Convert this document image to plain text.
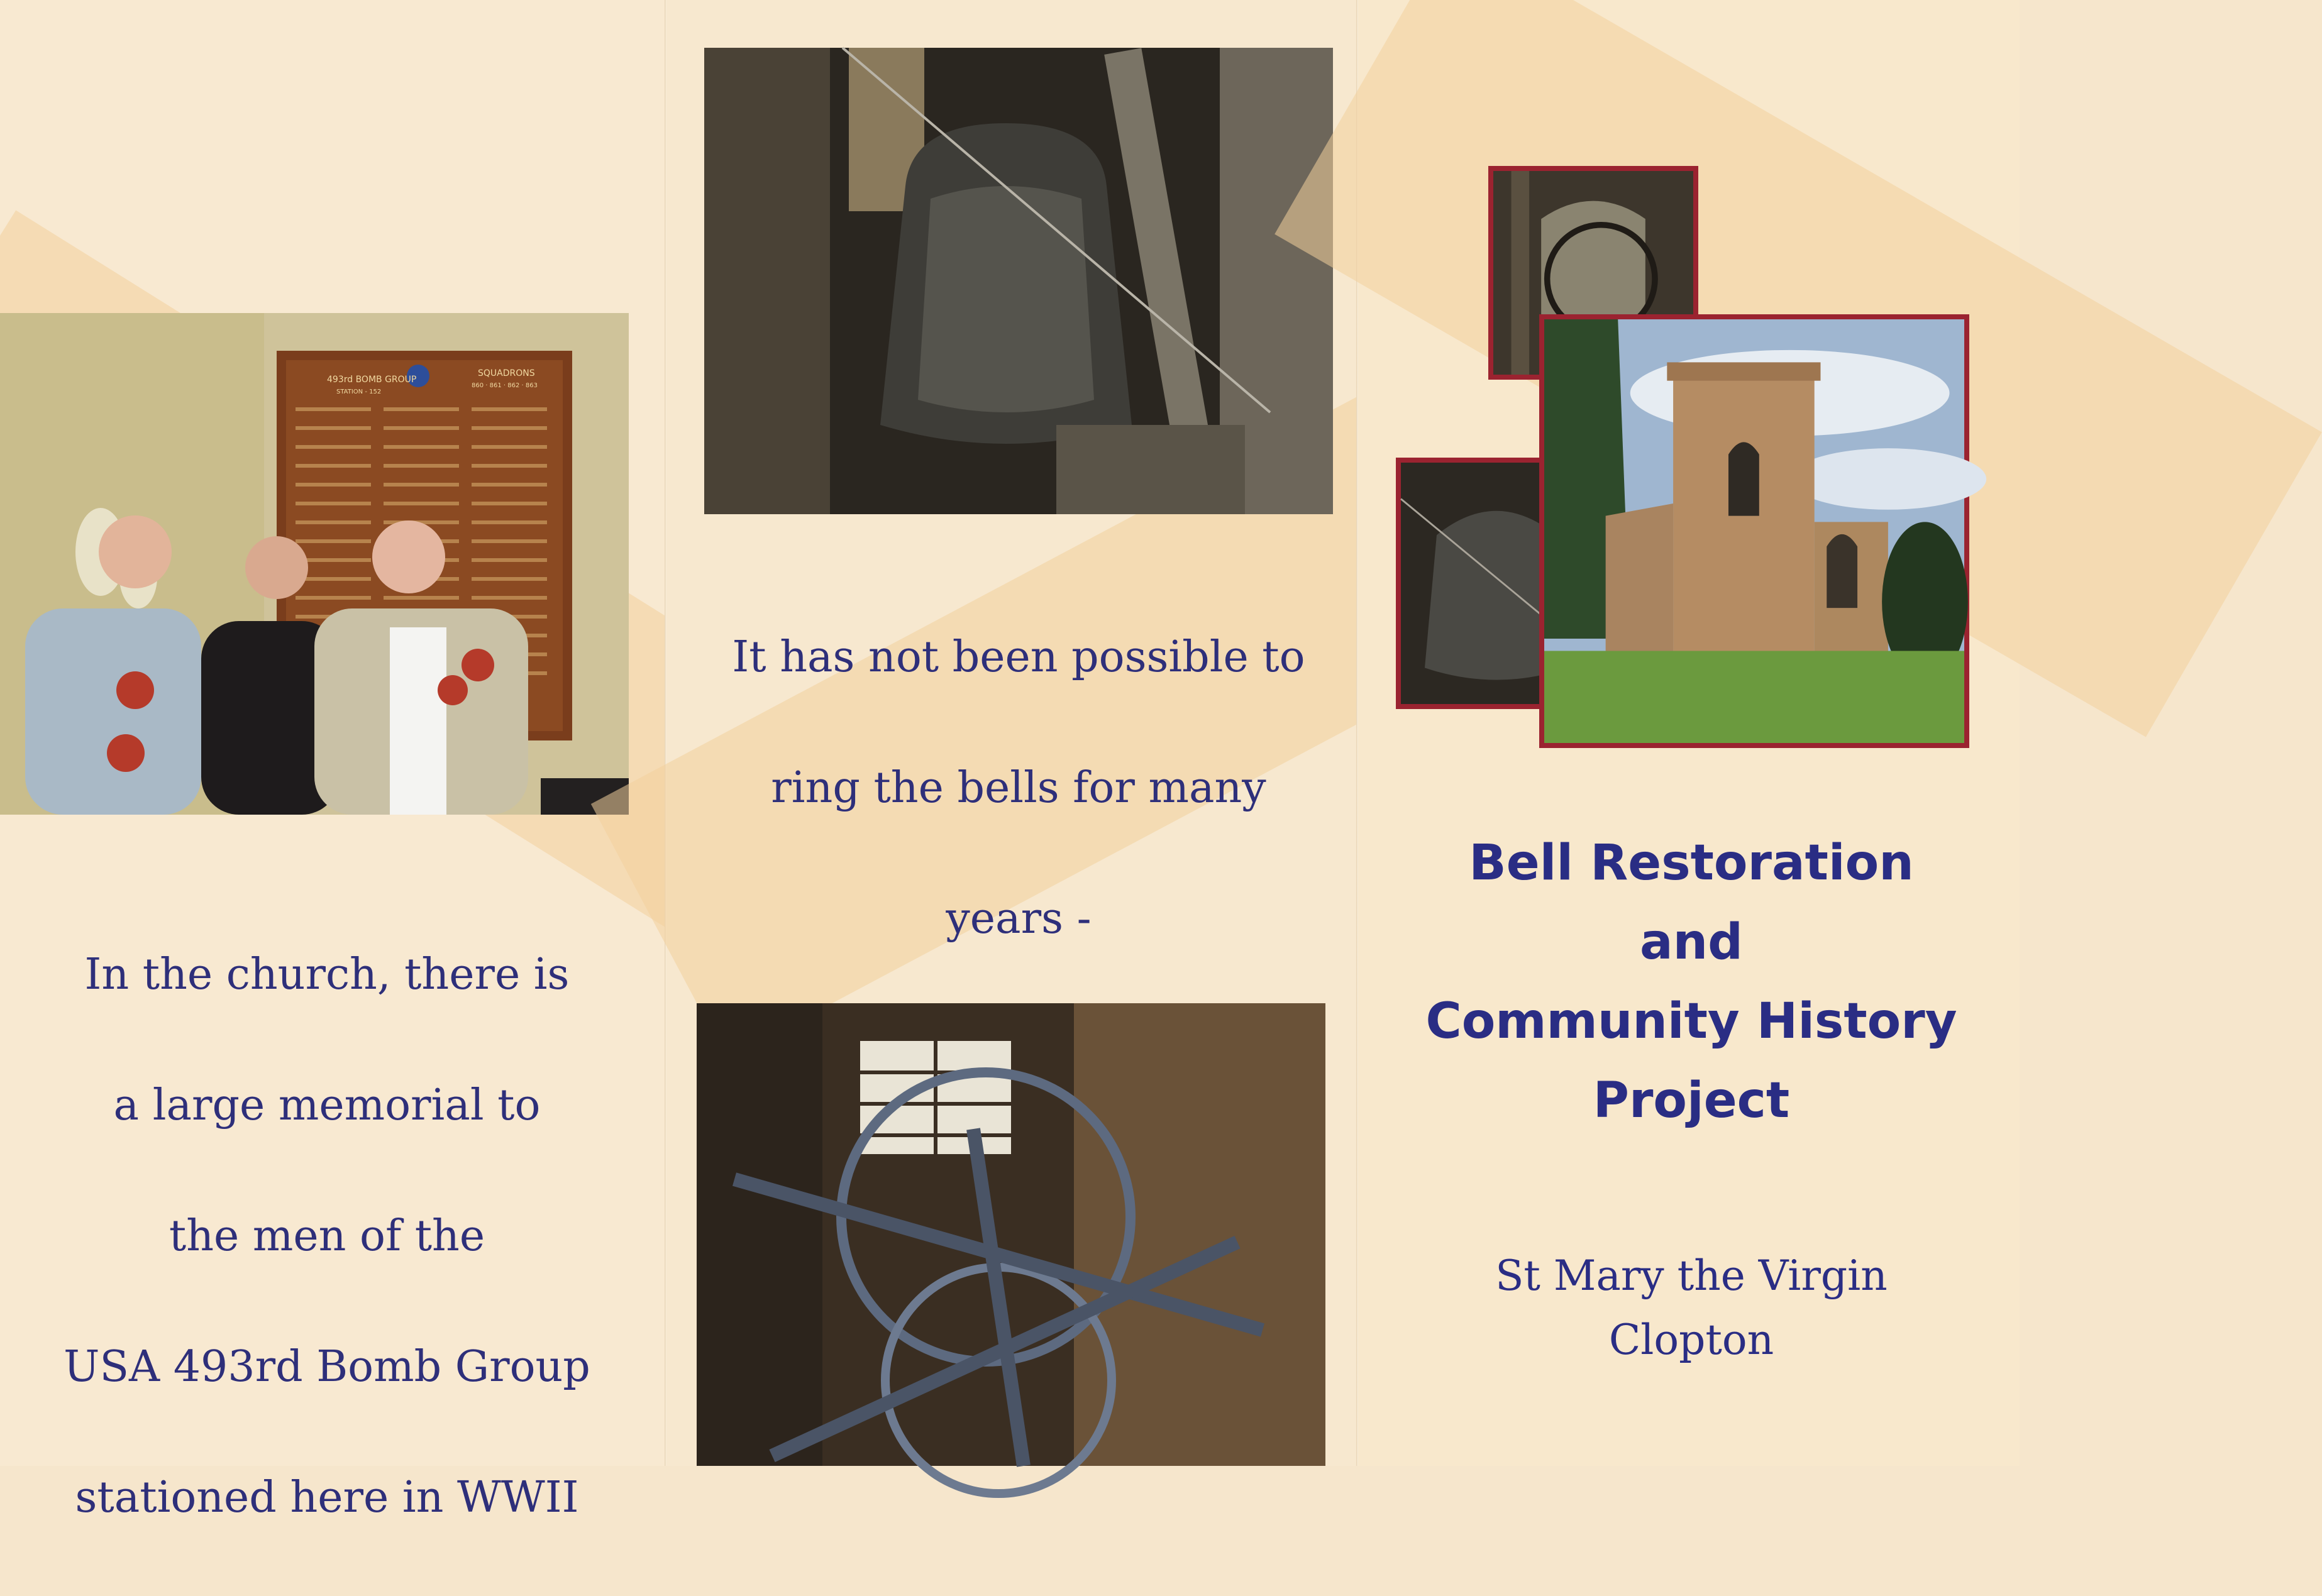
493rd BOMB GROUP
STATION - 152
SQUADRONS
860 · 861 · 862 · 863

In the church, there is

a large memorial to

the men of the

USA 493rd Bomb Group

stationed here in WWII

It has not been possible to

ring the bells for many

years -

Bell Restoration
and
Community History
Project
St Mary the Virgin
Clopton
